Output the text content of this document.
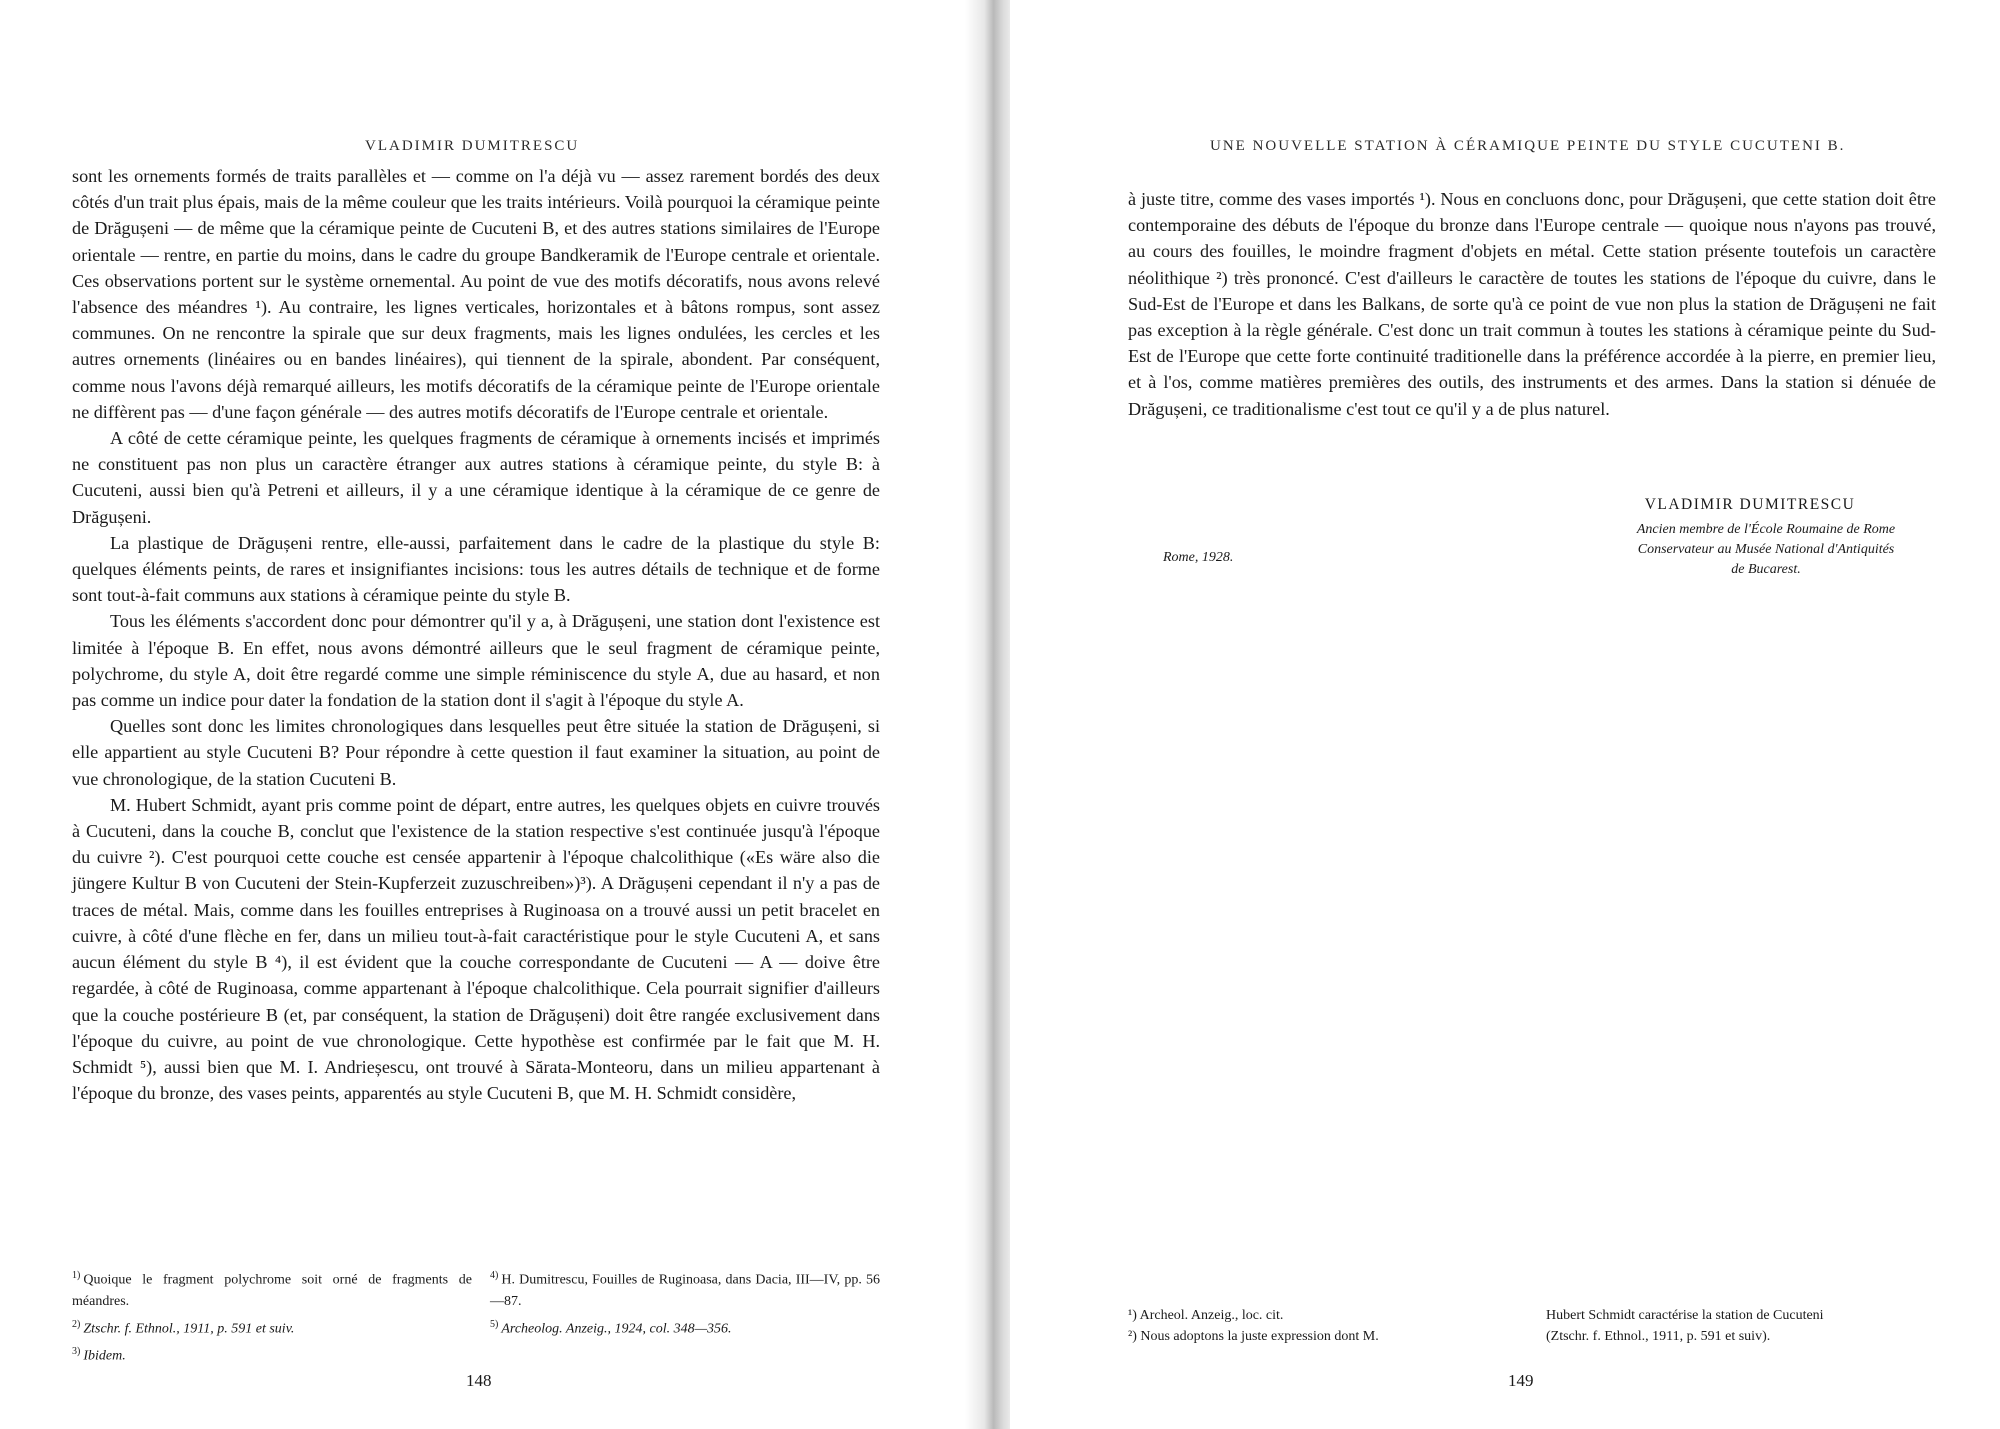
VLADIMIR DUMITRESCU

sont les ornements formés de traits parallèles et — comme on l'a déjà vu — assez rarement bordés des deux côtés d'un trait plus épais, mais de la même couleur que les traits intérieurs. Voilà pourquoi la céramique peinte de Drăgușeni — de même que la céramique peinte de Cucuteni B, et des autres stations similaires de l'Europe orientale — rentre, en partie du moins, dans le cadre du groupe Bandkeramik de l'Europe centrale et orientale. Ces observations portent sur le système ornemental. Au point de vue des motifs décoratifs, nous avons relevé l'absence des méandres ¹). Au contraire, les lignes verticales, horizontales et à bâtons rompus, sont assez communes. On ne rencontre la spirale que sur deux fragments, mais les lignes ondulées, les cercles et les autres ornements (linéaires ou en bandes linéaires), qui tiennent de la spirale, abondent. Par conséquent, comme nous l'avons déjà remarqué ailleurs, les motifs décoratifs de la céramique peinte de l'Europe orientale ne diffèrent pas — d'une façon générale — des autres motifs décoratifs de l'Europe centrale et orientale.

A côté de cette céramique peinte, les quelques fragments de céramique à ornements incisés et imprimés ne constituent pas non plus un caractère étranger aux autres stations à céramique peinte, du style B: à Cucuteni, aussi bien qu'à Petreni et ailleurs, il y a une céramique identique à la céramique de ce genre de Drăgușeni.

La plastique de Drăgușeni rentre, elle-aussi, parfaitement dans le cadre de la plastique du style B: quelques éléments peints, de rares et insignifiantes incisions: tous les autres détails de technique et de forme sont tout-à-fait communs aux stations à céramique peinte du style B.

Tous les éléments s'accordent donc pour démontrer qu'il y a, à Drăgușeni, une station dont l'existence est limitée à l'époque B. En effet, nous avons démontré ailleurs que le seul fragment de céramique peinte, polychrome, du style A, doit être regardé comme une simple réminiscence du style A, due au hasard, et non pas comme un indice pour dater la fondation de la station dont il s'agit à l'époque du style A.

Quelles sont donc les limites chronologiques dans lesquelles peut être située la station de Drăgușeni, si elle appartient au style Cucuteni B? Pour répondre à cette question il faut examiner la situation, au point de vue chronologique, de la station Cucuteni B.

M. Hubert Schmidt, ayant pris comme point de départ, entre autres, les quelques objets en cuivre trouvés à Cucuteni, dans la couche B, conclut que l'existence de la station respective s'est continuée jusqu'à l'époque du cuivre ²). C'est pourquoi cette couche est censée appartenir à l'époque chalcolithique («Es wäre also die jüngere Kultur B von Cucuteni der Stein-Kupferzeit zuzuschreiben»)³). A Drăgușeni cependant il n'y a pas de traces de métal. Mais, comme dans les fouilles entreprises à Ruginoasa on a trouvé aussi un petit bracelet en cuivre, à côté d'une flèche en fer, dans un milieu tout-à-fait caractéristique pour le style Cucuteni A, et sans aucun élément du style B ⁴), il est évident que la couche correspondante de Cucuteni — A — doive être regardée, à côté de Ruginoasa, comme appartenant à l'époque chalcolithique. Cela pourrait signifier d'ailleurs que la couche postérieure B (et, par conséquent, la station de Drăgușeni) doit être rangée exclusivement dans l'époque du cuivre, au point de vue chronologique. Cette hypothèse est confirmée par le fait que M. H. Schmidt ⁵), aussi bien que M. I. Andrieșescu, ont trouvé à Sărata-Monteoru, dans un milieu appartenant à l'époque du bronze, des vases peints, apparentés au style Cucuteni B, que M. H. Schmidt considère,

$^{1)}$ Quoique le fragment polychrome soit orné de fragments de méandres.

$^{2)}$ Ztschr. f. Ethnol., 1911, p. 591 et suiv.

$^{3)}$ Ibidem.

$^{4)}$ H. Dumitrescu, Fouilles de Ruginoasa, dans Dacia, III—IV, pp. 56—87.

$^{5)}$ Archeolog. Anzeig., 1924, col. 348—356.

148
UNE NOUVELLE STATION À CÉRAMIQUE PEINTE DU STYLE CUCUTENI B.

à juste titre, comme des vases importés ¹). Nous en concluons donc, pour Drăgușeni, que cette station doit être contemporaine des débuts de l'époque du bronze dans l'Europe centrale — quoique nous n'ayons pas trouvé, au cours des fouilles, le moindre fragment d'objets en métal. Cette station présente toutefois un caractère néolithique ²) très prononcé. C'est d'ailleurs le caractère de toutes les stations de l'époque du cuivre, dans le Sud-Est de l'Europe et dans les Balkans, de sorte qu'à ce point de vue non plus la station de Drăgușeni ne fait pas exception à la règle générale. C'est donc un trait commun à toutes les stations à céramique peinte du Sud-Est de l'Europe que cette forte continuité traditionelle dans la préférence accordée à la pierre, en premier lieu, et à l'os, comme matières premières des outils, des instruments et des armes. Dans la station si dénuée de Drăgușeni, ce traditionalisme c'est tout ce qu'il y a de plus naturel.

VLADIMIR DUMITRESCU
Ancien membre de l'École Roumaine de Rome
Conservateur au Musée National d'Antiquités
de Bucarest.
Rome, 1928.
¹) Archeol. Anzeig., loc. cit.	Hubert Schmidt caractérise la station de Cucuteni
²) Nous adoptons la juste expression dont M.	(Ztschr. f. Ethnol., 1911, p. 591 et suiv).
149
